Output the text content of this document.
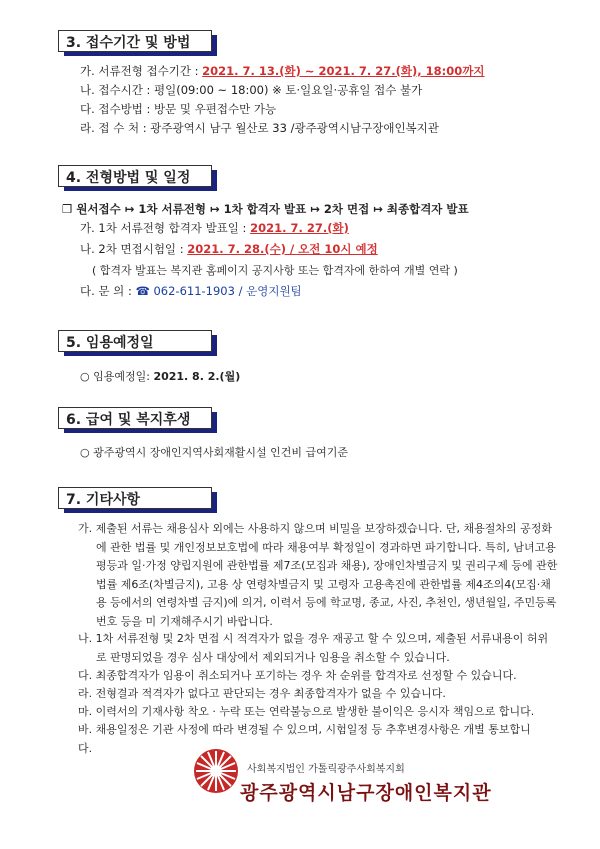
3. 접수기간 및 방법
가. 서류전형 접수기간 : 2021. 7. 13.(화) ~ 2021. 7. 27.(화), 18:00까지
나. 접수시간 : 평일(09:00 ~ 18:00) ※ 토·일요일·공휴일 접수 불가
다. 접수방법 : 방문 및 우편접수만 가능
라. 접 수 처 : 광주광역시 남구 월산로 33 /광주광역시남구장애인복지관
4. 전형방법 및 일정
❒ 원서접수 ↦ 1차 서류전형 ↦ 1차 합격자 발표 ↦ 2차 면접 ↦ 최종합격자 발표
가. 1차 서류전형 합격자 발표일 : 2021. 7. 27.(화)
나. 2차 면접시험일 : 2021. 7. 28.(수) / 오전 10시 예정
( 합격자 발표는 복지관 홈페이지 공지사항 또는 합격자에 한하여 개별 연락 )
다. 문 의 : ☎ 062-611-1903 / 운영지원팀
5. 임용예정일
○ 임용예정일: 2021. 8. 2.(월)
6. 급여 및 복지후생
○ 광주광역시 장애인지역사회재활시설 인건비 급여기준
7. 기타사항
가. 제출된 서류는 채용심사 외에는 사용하지 않으며 비밀을 보장하겠습니다. 단, 채용절차의 공정화에 관한 법률 및 개인정보보호법에 따라 채용여부 확정일이 경과하면 파기합니다. 특히, 남녀고용평등과 일·가정 양립지원에 관한법률 제7조(모집과 채용), 장애인차별금지 및 권리구제 등에 관한 법률 제6조(차별금지), 고용 상 연령차별금지 및 고령자 고용촉진에 관한법률 제4조의4(모집·채용 등에서의 연령차별 금지)에 의거, 이력서 등에 학교명, 종교, 사진, 추천인, 생년월일, 주민등록번호 등을 미 기재해주시기 바랍니다.
나. 1차 서류전형 및 2차 면접 시 적격자가 없을 경우 재공고 할 수 있으며, 제출된 서류내용이 허위로 판명되었을 경우 심사 대상에서 제외되거나 임용을 취소할 수 있습니다.
다. 최종합격자가 임용이 취소되거나 포기하는 경우 차 순위를 합격자로 선정할 수 있습니다.
라. 전형결과 적격자가 없다고 판단되는 경우 최종합격자가 없을 수 있습니다.
마. 이력서의 기재사항 착오 · 누락 또는 연락불능으로 발생한 불이익은 응시자 책임으로 합니다.
바. 채용일정은 기관 사정에 따라 변경될 수 있으며, 시험일정 등 추후변경사항은 개별 통보합니다.
사회복지법인 가톨릭광주사회복지회
광주광역시남구장애인복지관
